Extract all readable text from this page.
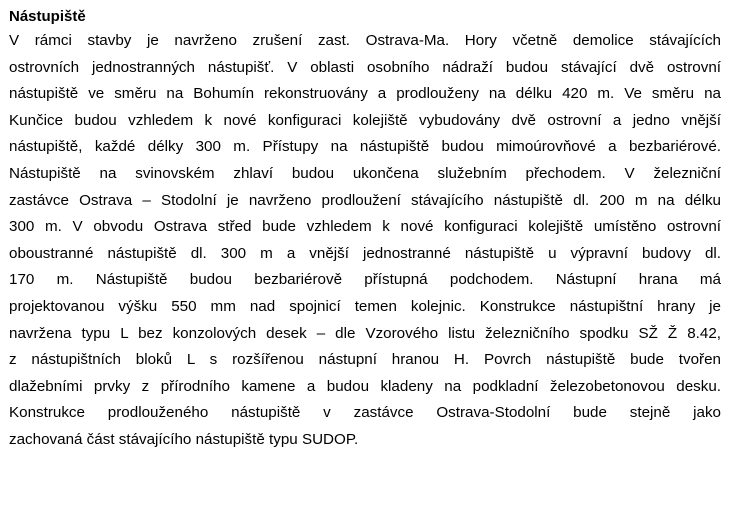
Nástupiště
V rámci stavby je navrženo zrušení zast. Ostrava-Ma. Hory včetně demolice stávajících
ostrovních jednostranných nástupišť. V oblasti osobního nádraží budou stávající dvě ostrovní
nástupiště ve směru na Bohumín rekonstruovány a prodlouženy na délku 420 m. Ve směru na
Kunčice budou vzhledem k nové konfiguraci kolejiště vybudovány dvě ostrovní a jedno vnější
nástupiště, každé délky 300 m. Přístupy na nástupiště budou mimoúrovňové a bezbariérové.
Nástupiště na svinovském zhlaví budou ukončena služebním přechodem. V železniční
zastávce Ostrava – Stodolní je navrženo prodloužení stávajícího nástupiště dl. 200 m na délku
300 m. V obvodu Ostrava střed bude vzhledem k nové konfiguraci kolejiště umístěno ostrovní
oboustranné nástupiště dl. 300 m a vnější jednostranné nástupiště u výpravní budovy dl.
170 m. Nástupiště budou bezbariérově přístupná podchodem. Nástupní hrana má
projektovanou výšku 550 mm nad spojnicí temen kolejnic. Konstrukce nástupištní hrany je
navržena typu L bez konzolových desek – dle Vzorového listu železničního spodku SŽ Ž 8.42,
z nástupištních bloků L s rozšířenou nástupní hranou H. Povrch nástupiště bude tvořen
dlažebními prvky z přírodního kamene a budou kladeny na podkladní železobetonovou desku.
Konstrukce prodlouženého nástupiště v zastávce Ostrava-Stodolní bude stejně jako
zachovaná část stávajícího nástupiště typu SUDOP.
